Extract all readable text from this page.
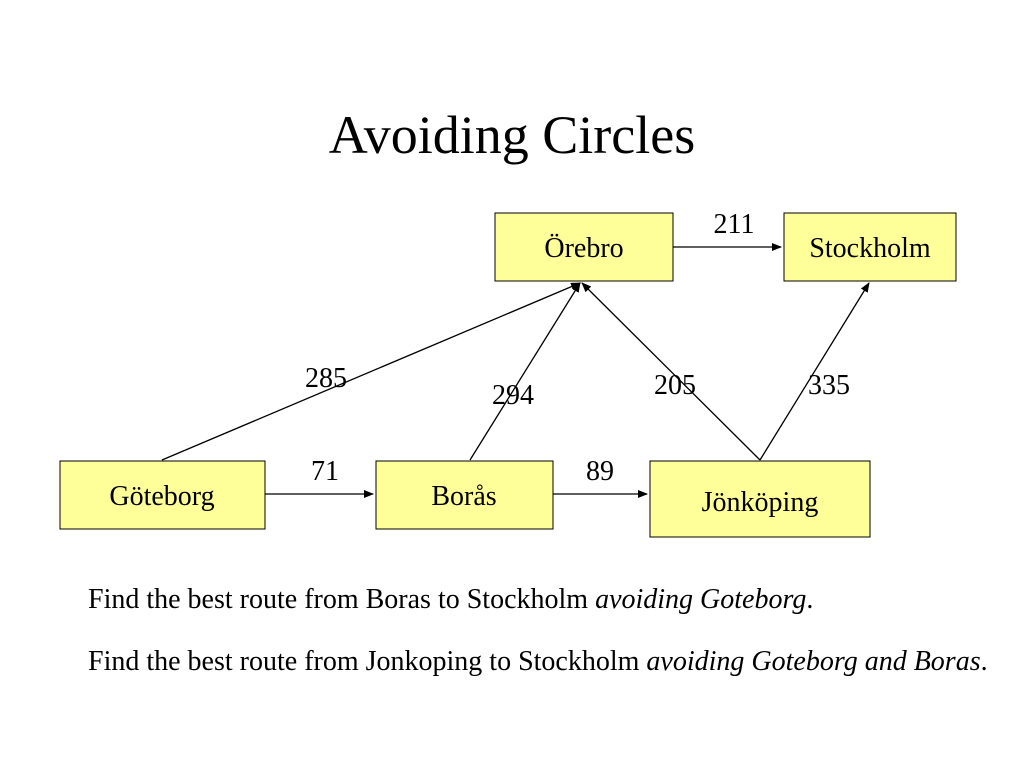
Avoiding Circles
211
285
294	205	335
71	89
Örebro	Stockholm
Göteborg	Borås	Jönköping
Find the best route from Boras to Stockholm avoiding Goteborg.
Find the best route from Jonkoping to Stockholm avoiding Goteborg and Boras.
